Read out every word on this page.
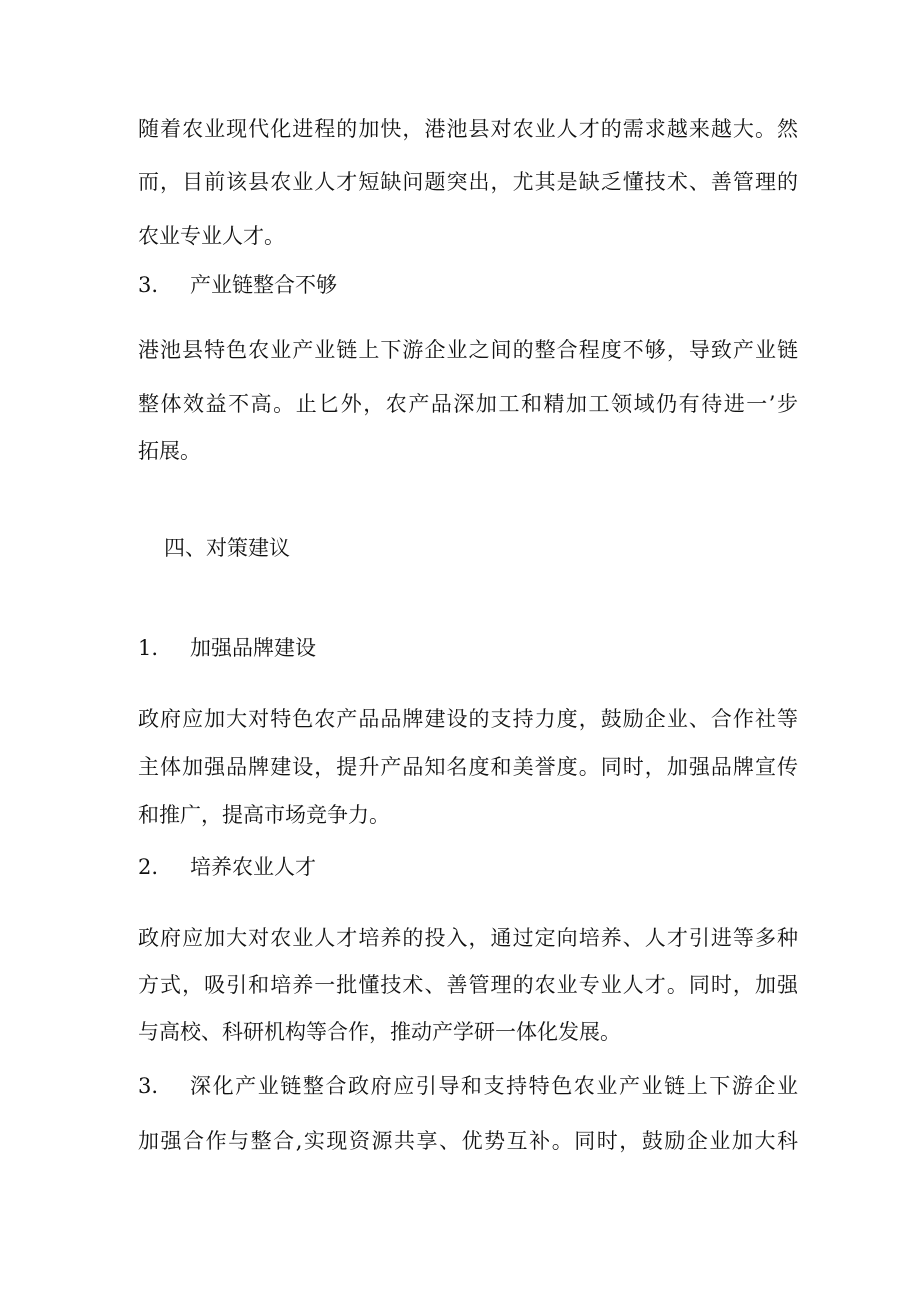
随着农业现代化进程的加快，港池县对农业人才的需求越来越大。然
而，目前该县农业人才短缺问题突出，尤其是缺乏懂技术、善管理的
农业专业人才。
3. 产业链整合不够
港池县特色农业产业链上下游企业之间的整合程度不够，导致产业链
整体效益不高。止匕外，农产品深加工和精加工领域仍有待进一’步
拓展。
四、对策建议
1. 加强品牌建设
政府应加大对特色农产品品牌建设的支持力度，鼓励企业、合作社等
主体加强品牌建设，提升产品知名度和美誉度。同时，加强品牌宣传
和推广，提高市场竞争力。
2. 培养农业人才
政府应加大对农业人才培养的投入，通过定向培养、人才引进等多种
方式，吸引和培养一批懂技术、善管理的农业专业人才。同时，加强
与高校、科研机构等合作，推动产学研一体化发展。
3. 深化产业链整合政府应引导和支持特色农业产业链上下游企业
加强合作与整合,实现资源共享、优势互补。同时，鼓励企业加大科
